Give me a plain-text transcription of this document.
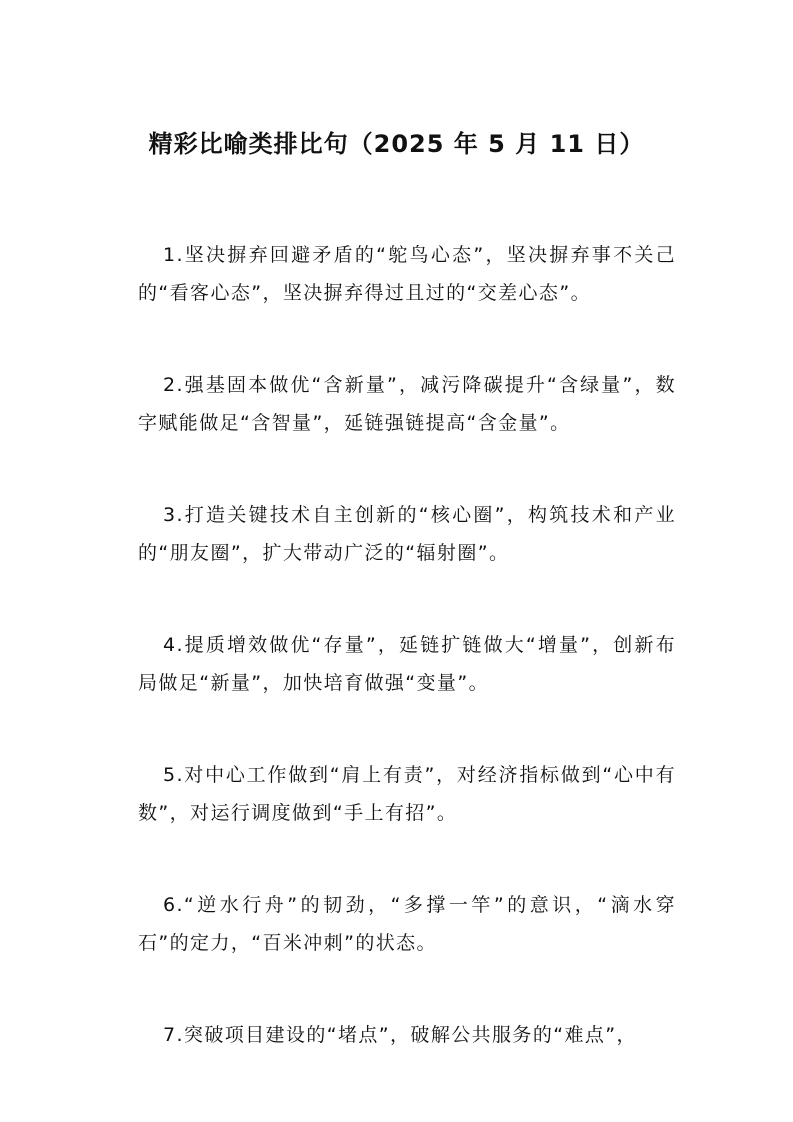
精彩比喻类排比句（2025 年 5 月 11 日）

1.坚决摒弃回避矛盾的“鸵鸟心态”，坚决摒弃事不关己的“看客心态”，坚决摒弃得过且过的“交差心态”。

2.强基固本做优“含新量”，减污降碳提升“含绿量”，数字赋能做足“含智量”，延链强链提高“含金量”。

3.打造关键技术自主创新的“核心圈”，构筑技术和产业的“朋友圈”，扩大带动广泛的“辐射圈”。

4.提质增效做优“存量”，延链扩链做大“增量”，创新布局做足“新量”，加快培育做强“变量”。

5.对中心工作做到“肩上有责”，对经济指标做到“心中有数”，对运行调度做到“手上有招”。

6.“逆水行舟”的韧劲，“多撑一竿”的意识，“滴水穿石”的定力，“百米冲刺”的状态。

7.突破项目建设的“堵点”，破解公共服务的“难点”，
